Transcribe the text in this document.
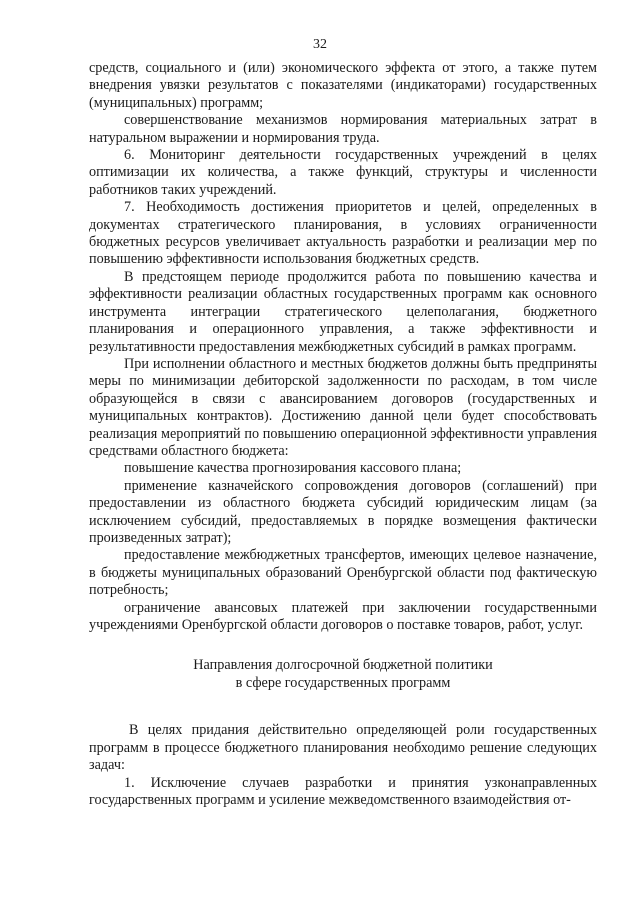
32

средств, социального и (или) экономического эффекта от этого, а также путем внедрения увязки результатов с показателями (индикаторами) государственных (муниципальных) программ;

совершенствование механизмов нормирования материальных затрат в натуральном выражении и нормирования труда.

6. Мониторинг деятельности государственных учреждений в целях оптимизации их количества, а также функций, структуры и численности работников таких учреждений.

7. Необходимость достижения приоритетов и целей, определенных в документах стратегического планирования, в условиях ограниченности бюджетных ресурсов увеличивает актуальность разработки и реализации мер по повышению эффективности использования бюджетных средств.

В предстоящем периоде продолжится работа по повышению качества и эффективности реализации областных государственных программ как основного инструмента интеграции стратегического целеполагания, бюджетного планирования и операционного управления, а также эффективности и результативности предоставления межбюджетных субсидий в рамках программ.

При исполнении областного и местных бюджетов должны быть предприняты меры по минимизации дебиторской задолженности по расходам, в том числе образующейся в связи с авансированием договоров (государственных и муниципальных контрактов). Достижению данной цели будет способствовать реализация мероприятий по повышению операционной эффективности управления средствами областного бюджета:

повышение качества прогнозирования кассового плана;

применение казначейского сопровождения договоров (соглашений) при предоставлении из областного бюджета субсидий юридическим лицам (за исключением субсидий, предоставляемых в порядке возмещения фактически произведенных затрат);

предоставление межбюджетных трансфертов, имеющих целевое назначение, в бюджеты муниципальных образований Оренбургской области под фактическую потребность;

ограничение авансовых платежей при заключении государственными учреждениями Оренбургской области договоров о поставке товаров, работ, услуг.

Направления долгосрочной бюджетной политики
в сфере государственных программ

В целях придания действительно определяющей роли государственных программ в процессе бюджетного планирования необходимо решение следующих задач:

1. Исключение случаев разработки и принятия узконаправленных государственных программ и усиление межведомственного взаимодействия от-
